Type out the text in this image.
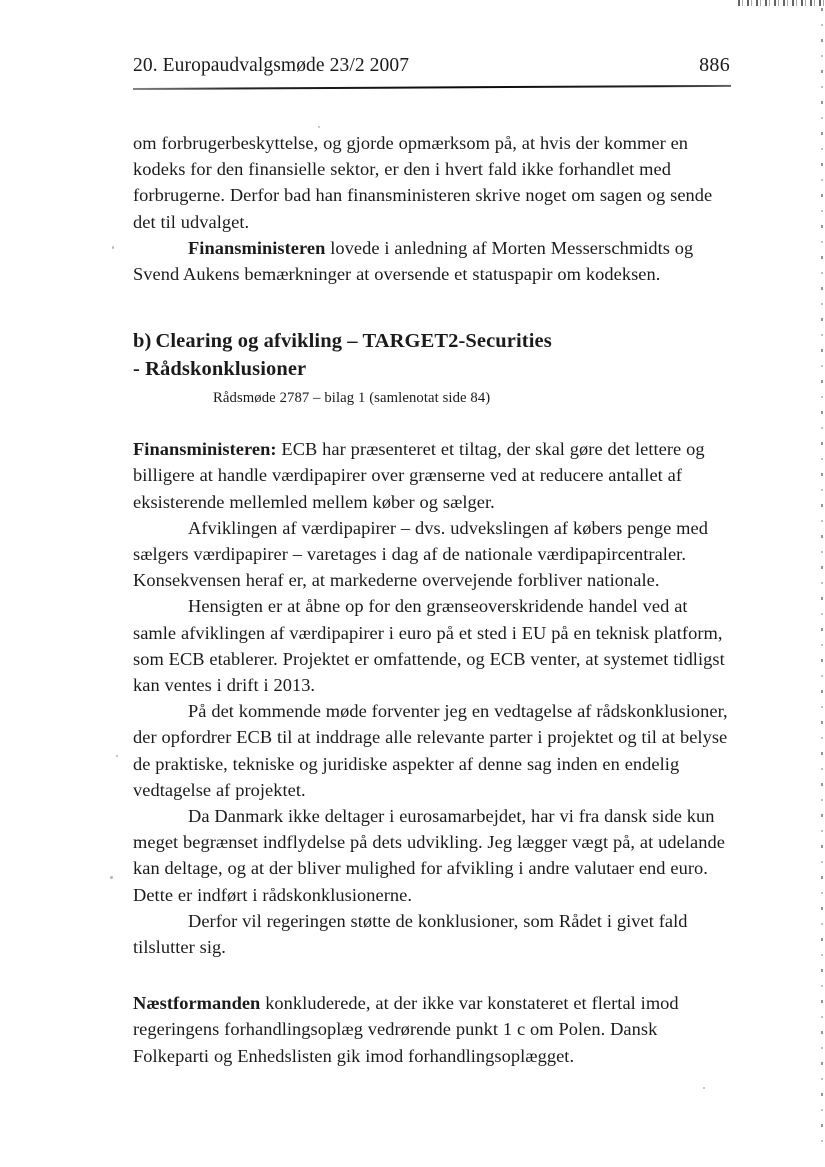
20. Europaudvalgsmøde 23/2 2007	886

om forbrugerbeskyttelse, og gjorde opmærksom på, at hvis der kommer en kodeks for den finansielle sektor, er den i hvert fald ikke forhandlet med forbrugerne. Derfor bad han finansministeren skrive noget om sagen og sende det til udvalget.

Finansministeren lovede i anledning af Morten Messerschmidts og Svend Aukens bemærkninger at oversende et statuspapir om kodeksen.

b) Clearing og afvikling – TARGET2-Securities

- Rådskonklusioner

Rådsmøde 2787 – bilag 1 (samlenotat side 84)

Finansministeren: ECB har præsenteret et tiltag, der skal gøre det lettere og billigere at handle værdipapirer over grænserne ved at reducere antallet af eksisterende mellemled mellem køber og sælger.

Afviklingen af værdipapirer – dvs. udvekslingen af købers penge med sælgers værdipapirer – varetages i dag af de nationale værdipapircentraler. Konsekvensen heraf er, at markederne overvejende forbliver nationale.

Hensigten er at åbne op for den grænseoverskridende handel ved at samle afviklingen af værdipapirer i euro på et sted i EU på en teknisk platform, som ECB etablerer. Projektet er omfattende, og ECB venter, at systemet tidligst kan ventes i drift i 2013.

På det kommende møde forventer jeg en vedtagelse af rådskonklusioner, der opfordrer ECB til at inddrage alle relevante parter i projektet og til at belyse de praktiske, tekniske og juridiske aspekter af denne sag inden en endelig vedtagelse af projektet.

Da Danmark ikke deltager i eurosamarbejdet, har vi fra dansk side kun meget begrænset indflydelse på dets udvikling. Jeg lægger vægt på, at udelande kan deltage, og at der bliver mulighed for afvikling i andre valutaer end euro. Dette er indført i rådskonklusionerne.

Derfor vil regeringen støtte de konklusioner, som Rådet i givet fald tilslutter sig.

Næstformanden konkluderede, at der ikke var konstateret et flertal imod regeringens forhandlingsoplæg vedrørende punkt 1 c om Polen. Dansk Folkeparti og Enhedslisten gik imod forhandlingsoplægget.
